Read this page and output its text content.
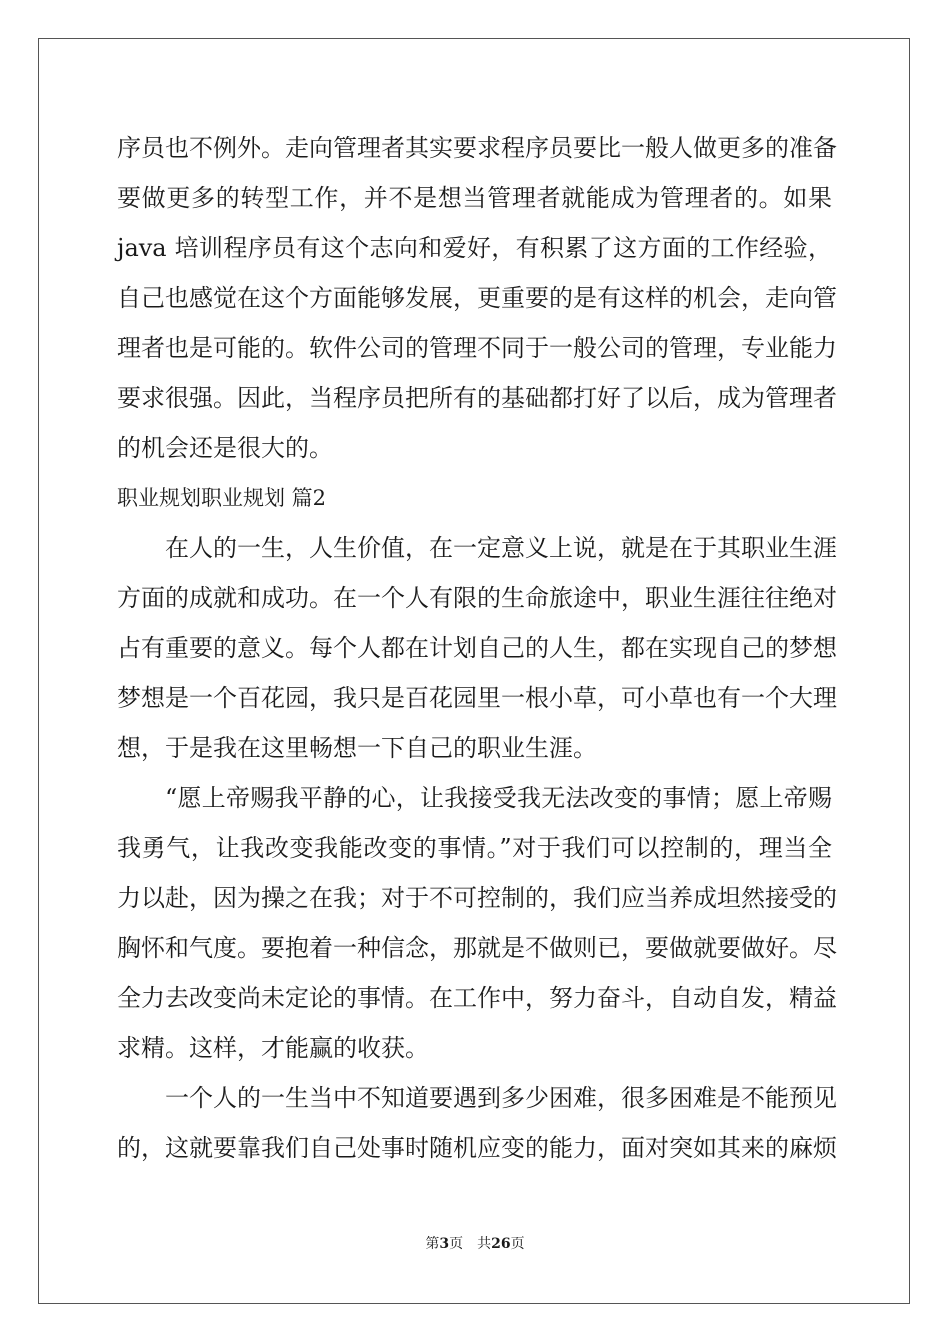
序员也不例外。走向管理者其实要求程序员要比一般人做更多的准备
要做更多的转型工作，并不是想当管理者就能成为管理者的。如果
java 培训程序员有这个志向和爱好，有积累了这方面的工作经验，
自己也感觉在这个方面能够发展，更重要的是有这样的机会，走向管
理者也是可能的。软件公司的管理不同于一般公司的管理，专业能力
要求很强。因此，当程序员把所有的基础都打好了以后，成为管理者
的机会还是很大的。
职业规划职业规划 篇2
在人的一生，人生价值，在一定意义上说，就是在于其职业生涯
方面的成就和成功。在一个人有限的生命旅途中，职业生涯往往绝对
占有重要的意义。每个人都在计划自己的人生，都在实现自己的梦想
梦想是一个百花园，我只是百花园里一根小草，可小草也有一个大理
想，于是我在这里畅想一下自己的职业生涯。
“愿上帝赐我平静的心，让我接受我无法改变的事情；愿上帝赐
我勇气，让我改变我能改变的事情。”对于我们可以控制的，理当全
力以赴，因为操之在我；对于不可控制的，我们应当养成坦然接受的
胸怀和气度。要抱着一种信念，那就是不做则已，要做就要做好。尽
全力去改变尚未定论的事情。在工作中，努力奋斗，自动自发，精益
求精。这样，才能赢的收获。
一个人的一生当中不知道要遇到多少困难，很多困难是不能预见
的，这就要靠我们自己处事时随机应变的能力，面对突如其来的麻烦
第3页　共26页
